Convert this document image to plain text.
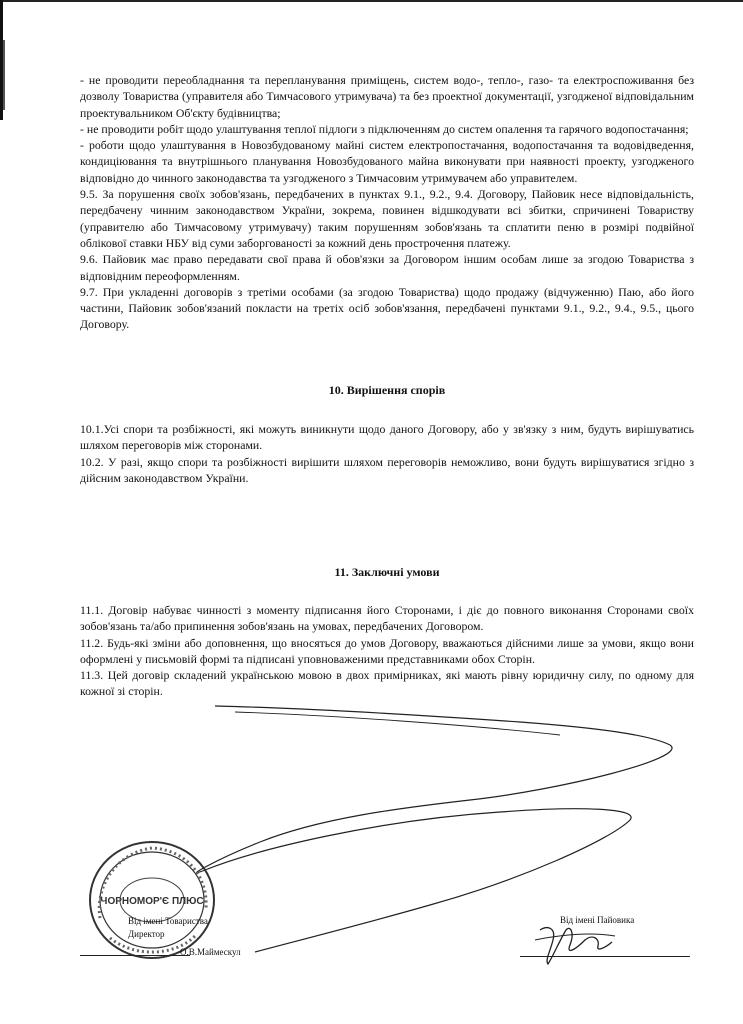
- не проводити переобладнання та перепланування приміщень, систем водо-, тепло-, газо- та електроспоживання без дозволу Товариства (управителя або Тимчасового утримувача) та без проектної документації, узгодженої відповідальним проектувальником Об'єкту будівництва;

- не проводити робіт щодо улаштування теплої підлоги з підключенням до систем опалення та гарячого водопостачання;

- роботи щодо улаштування в Новозбудованому майні систем електропостачання, водопостачання та водовідведення, кондиціювання та внутрішнього планування Новозбудованого майна виконувати при наявності проекту, узгодженого відповідно до чинного законодавства та узгодженого з Тимчасовим утримувачем або управителем.

9.5. За порушення своїх зобов'язань, передбачених в пунктах 9.1., 9.2., 9.4. Договору, Пайовик несе відповідальність, передбачену чинним законодавством України, зокрема, повинен відшкодувати всі збитки, спричинені Товариству (управителю або Тимчасовому утримувачу) таким порушенням зобов'язань та сплатити пеню в розмірі подвійної облікової ставки НБУ від суми заборгованості за кожний день прострочення платежу.

9.6. Пайовик має право передавати свої права й обов'язки за Договором іншим особам лише за згодою Товариства з відповідним переоформленням.

9.7. При укладенні договорів з третіми особами (за згодою Товариства) щодо продажу (відчуженню) Паю, або його частини, Пайовик зобов'язаний покласти на третіх осіб зобов'язання, передбачені пунктами 9.1., 9.2., 9.4., 9.5., цього Договору.

10. Вирішення спорів

10.1.Усі спори та розбіжності, які можуть виникнути щодо даного Договору, або у зв'язку з ним, будуть вирішуватись шляхом переговорів між сторонами.

10.2. У разі, якщо спори та розбіжності вирішити шляхом переговорів неможливо, вони будуть вирішуватися згідно з дійсним законодавством України.

11. Заключні умови

11.1. Договір набуває чинності з моменту підписання його Сторонами, і діє до повного виконання Сторонами своїх зобов'язань та/або припинення зобов'язань на умовах, передбачених Договором.

11.2. Будь-які зміни або доповнення, що вносяться до умов Договору, вважаються дійсними лише за умови, якщо вони оформлені у письмовій формі та підписані уповноваженими представниками обох Сторін.

11.3. Цей договір складений українською мовою в двох примірниках, які мають рівну юридичну силу, по одному для кожної зі сторін.

ЧОРНОМОР'Є ПЛЮС
Від імені Товариства
Директор
О.В.Маймескул
Від імені Пайовика
